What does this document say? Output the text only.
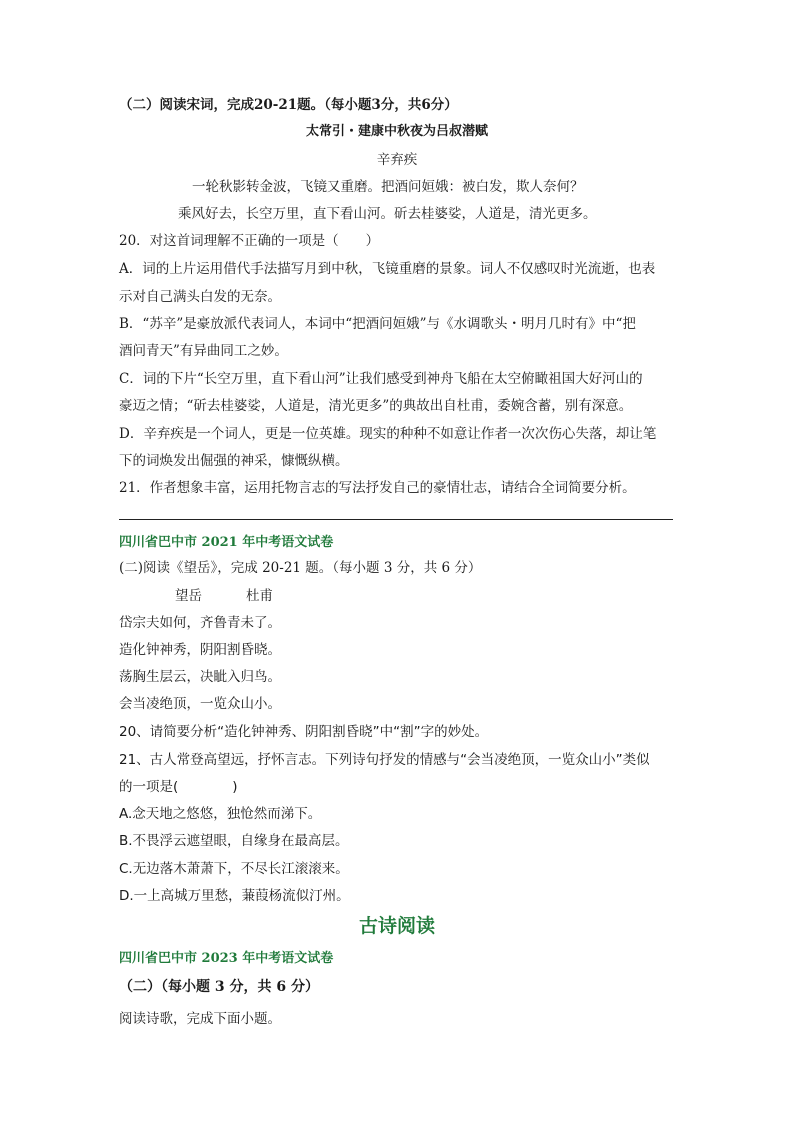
（二）阅读宋词，完成20-21题。（每小题3分，共6分）
太常引・建康中秋夜为吕叔潜赋
辛弃疾
一轮秋影转金波，飞镜又重磨。把酒问姮娥：被白发，欺人奈何？
乘风好去，长空万里，直下看山河。斫去桂婆娑，人道是，清光更多。
20．对这首词理解不正确的一项是（　　）
A．词的上片运用借代手法描写月到中秋，飞镜重磨的景象。词人不仅感叹时光流逝，也表
示对自己满头白发的无奈。
B．“苏辛”是豪放派代表词人，本词中“把酒问姮娥”与《水调歌头・明月几时有》中“把
酒问青天”有异曲同工之妙。
C．词的下片“长空万里，直下看山河”让我们感受到神舟飞船在太空俯瞰祖国大好河山的
豪迈之情；“斫去桂婆娑，人道是，清光更多”的典故出自杜甫，委婉含蓄，别有深意。
D．辛弃疾是一个词人，更是一位英雄。现实的种种不如意让作者一次次伤心失落，却让笔
下的词焕发出倔强的神采，慷慨纵横。
21．作者想象丰富，运用托物言志的写法抒发自己的豪情壮志，请结合全词简要分析。
四川省巴中市 2021 年中考语文试卷
(二)阅读《望岳》，完成 20-21 题。（每小题 3 分，共 6 分）
望岳	杜甫
岱宗夫如何，齐鲁青未了。
造化钟神秀，阴阳割昏晓。
荡胸生层云，决眦入归鸟。
会当凌绝顶，一览众山小。
20、请简要分析“造化钟神秀、阴阳割昏晓”中“割”字的妙处。
21、古人常登高望远，抒怀言志。下列诗句抒发的情感与“会当凌绝顶，一览众山小”类似
的一项是(　　　　)
A.念天地之悠悠，独怆然而涕下。
B.不畏浮云遮望眼，自缘身在最高层。
C.无边落木萧萧下，不尽长江滚滚来。
D.一上高城万里愁，蒹葭杨流似汀州。
古诗阅读
四川省巴中市 2023 年中考语文试卷
（二）（每小题 3 分，共 6 分）
阅读诗歌，完成下面小题。
